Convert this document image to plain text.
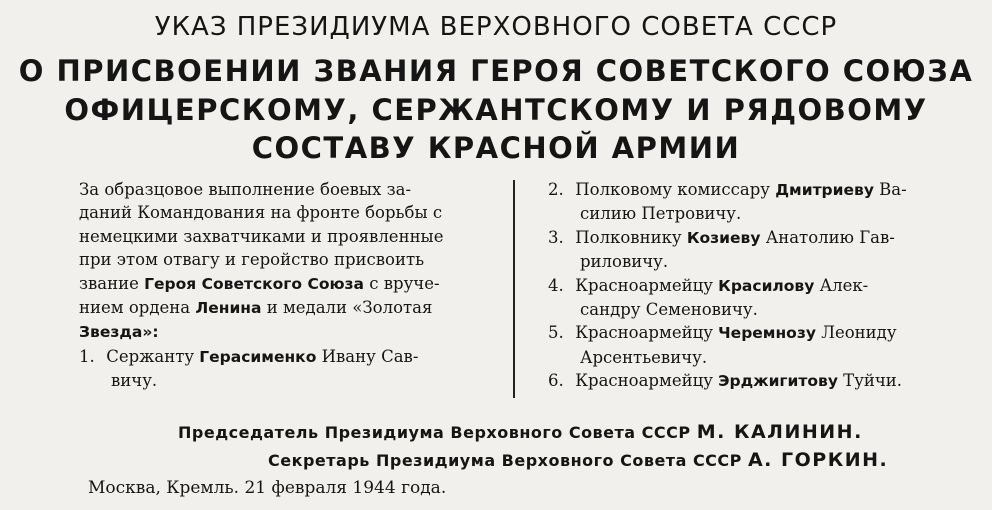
УКАЗ ПРЕЗИДИУМА ВЕРХОВНОГО СОВЕТА СССР
О ПРИСВОЕНИИ ЗВАНИЯ ГЕРОЯ СОВЕТСКОГО СОЮЗА
ОФИЦЕРСКОМУ, СЕРЖАНТСКОМУ И РЯДОВОМУ
СОСТАВУ КРАСНОЙ АРМИИ
За образцовое выполнение боевых за-
даний Командования на фронте борьбы с
немецкими захватчиками и проявленные
при этом отвагу и геройство присвоить
звание Героя Советского Союза с вруче-
нием ордена Ленина и медали «Золотая
Звезда»:
1. Сержанту Герасименко Ивану Сав-
вичу.
2. Полковому комиссару Дмитриеву Ва-
силию Петровичу.
3. Полковнику Козиеву Анатолию Гав-
риловичу.
4. Красноармейцу Красилову Алек-
сандру Семеновичу.
5. Красноармейцу Черемнозу Леониду
Арсентьевичу.
6. Красноармейцу Эрджигитову Туйчи.
Председатель Президиума Верховного Совета СССР М. КАЛИНИН.
Секретарь Президиума Верховного Совета СССР А. ГОРКИН.
Москва, Кремль. 21 февраля 1944 года.
